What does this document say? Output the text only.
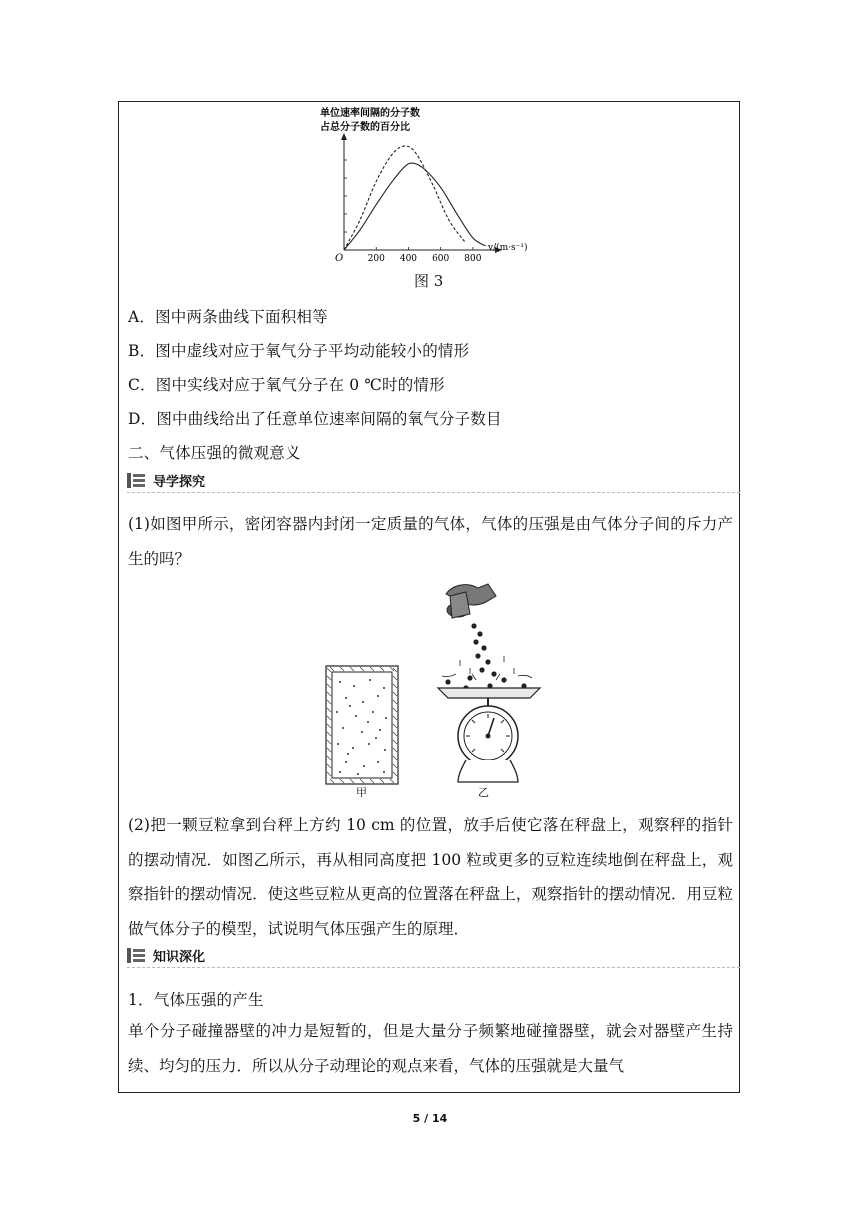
单位速率间隔的分子数
占总分子数的百分比
200 400 600 800
O
v/(m·s⁻¹)
图 3
A．图中两条曲线下面积相等
B．图中虚线对应于氧气分子平均动能较小的情形
C．图中实线对应于氧气分子在 0 ℃时的情形
D．图中曲线给出了任意单位速率间隔的氧气分子数目
二、气体压强的微观意义
导学探究
(1)如图甲所示，密闭容器内封闭一定质量的气体，气体的压强是由气体分子间的斥力产生的吗？
甲	乙
(2)把一颗豆粒拿到台秤上方约 10 cm 的位置，放手后使它落在秤盘上，观察秤的指针的摆动情况．如图乙所示，再从相同高度把 100 粒或更多的豆粒连续地倒在秤盘上，观察指针的摆动情况．使这些豆粒从更高的位置落在秤盘上，观察指针的摆动情况．用豆粒做气体分子的模型，试说明气体压强产生的原理．
知识深化
1．气体压强的产生
单个分子碰撞器壁的冲力是短暂的，但是大量分子频繁地碰撞器壁，就会对器壁产生持续、均匀的压力．所以从分子动理论的观点来看，气体的压强就是大量气
5 / 14
